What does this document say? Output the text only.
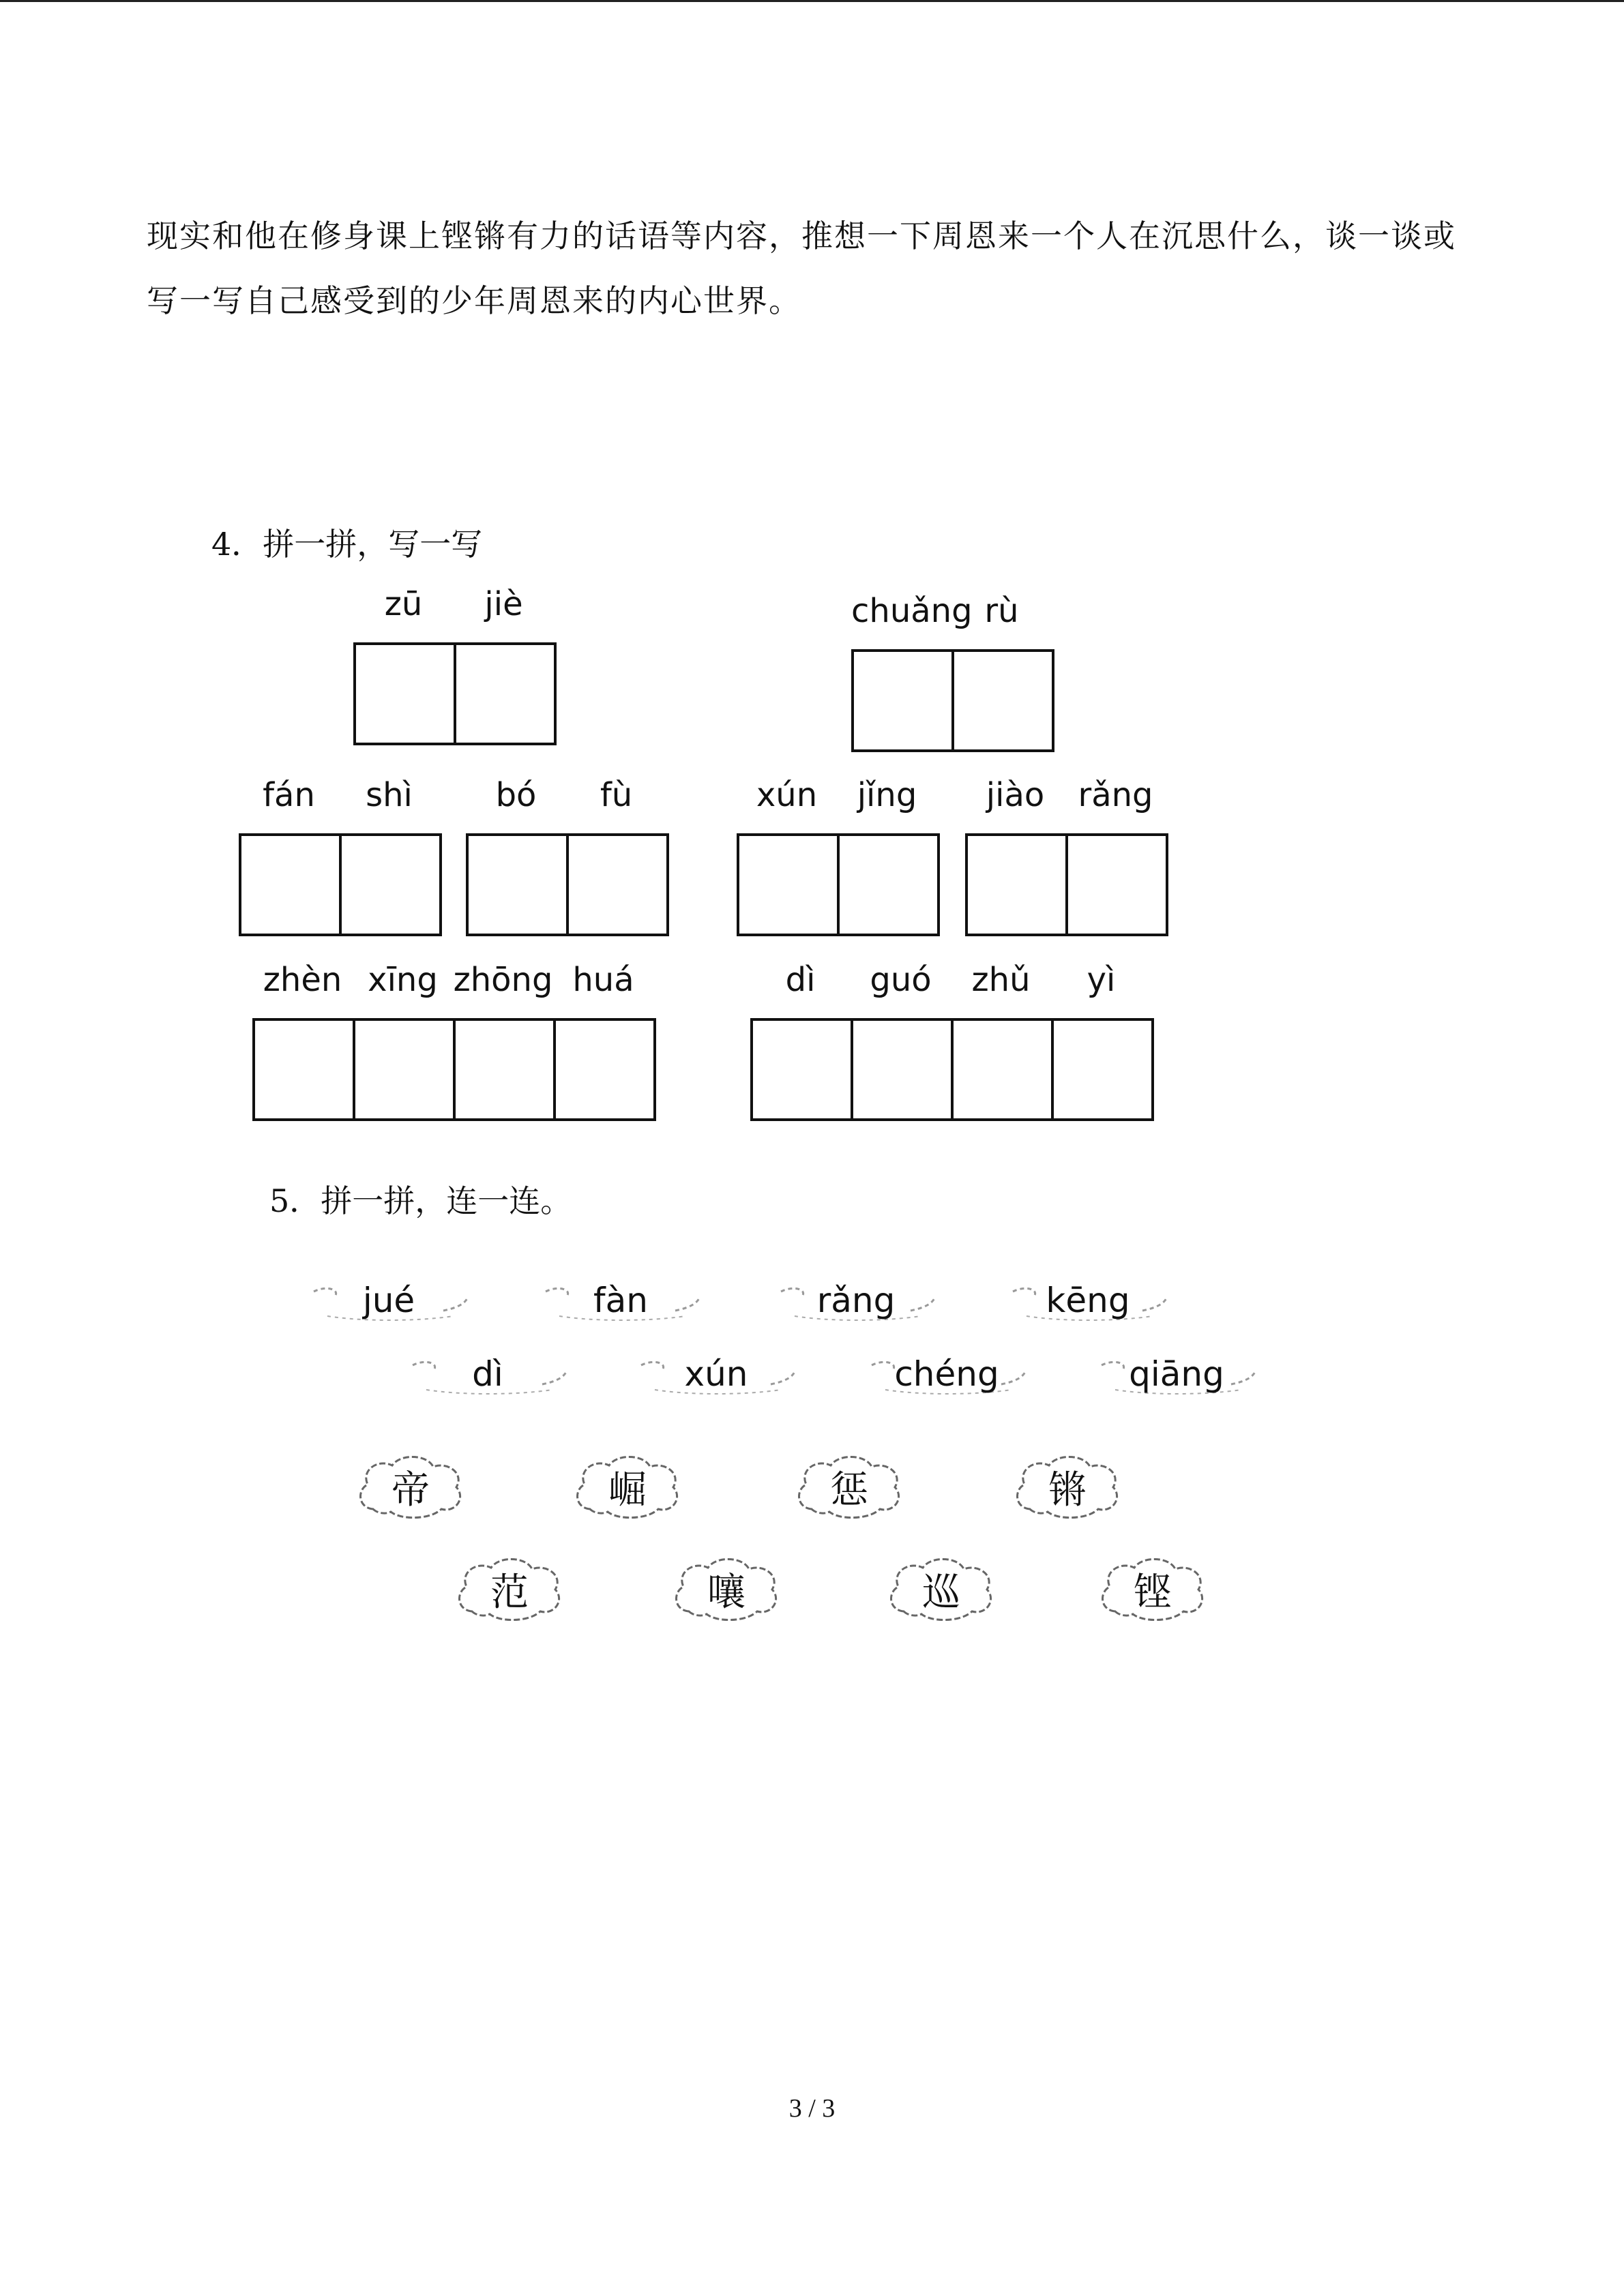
现实和他在修身课上铿锵有力的话语等内容，推想一下周恩来一个人在沉思什么，谈一谈或
写一写自己感受到的少年周恩来的内心世界。
4．拼一拼，写一写
zū	jiè	chuǎng rù
fán	shì	bó	fù	xún	jǐng	jiào	rǎng
zhèn xīng zhōng huá	dì	guó	zhǔ	yì
5．拼一拼，连一连。
jué	fàn	rǎng	kēng
dì	xún	chéng	qiāng
帝	崛	惩	锵
范	嚷	巡	铿
3 / 3
